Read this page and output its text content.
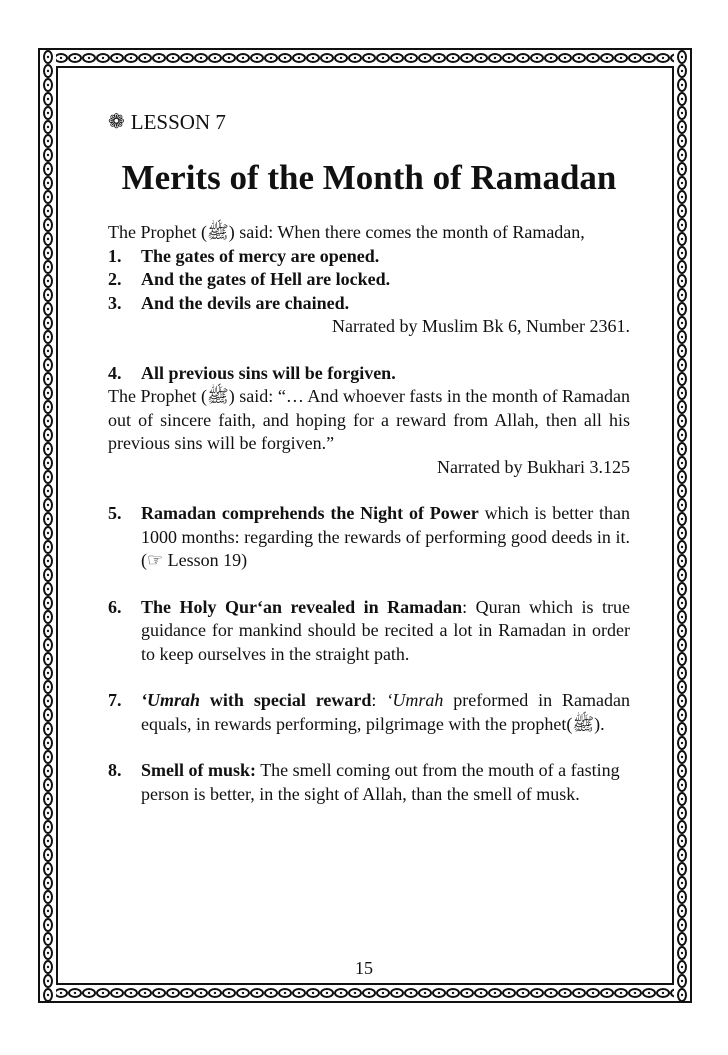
❁ LESSON 7
Merits of the Month of Ramadan

The Prophet (ﷺ) said: When there comes the month of Ramadan,

1.	The gates of mercy are opened.
2.	And the gates of Hell are locked.
3.	And the devils are chained.

Narrated by Muslim Bk 6, Number 2361.

4.	All previous sins will be forgiven.

The Prophet (ﷺ) said: “… And whoever fasts in the month of Ramadan out of sincere faith, and hoping for a reward from Allah, then all his previous sins will be forgiven.”

Narrated by Bukhari 3.125

5.	Ramadan comprehends the Night of Power which is better than 1000 months: regarding the rewards of performing good deeds in it. (☞ Lesson 19)
6.	The Holy Qur‘an revealed in Ramadan: Quran which is true guidance for mankind should be recited a lot in Ramadan in order to keep ourselves in the straight path.
7.	‘Umrah with special reward: ‘Umrah preformed in Ramadan equals, in rewards performing, pilgrimage with the prophet(ﷺ).
8.	Smell of musk: The smell coming out from the mouth of a fasting person is better, in the sight of Allah, than the smell of musk.
15
